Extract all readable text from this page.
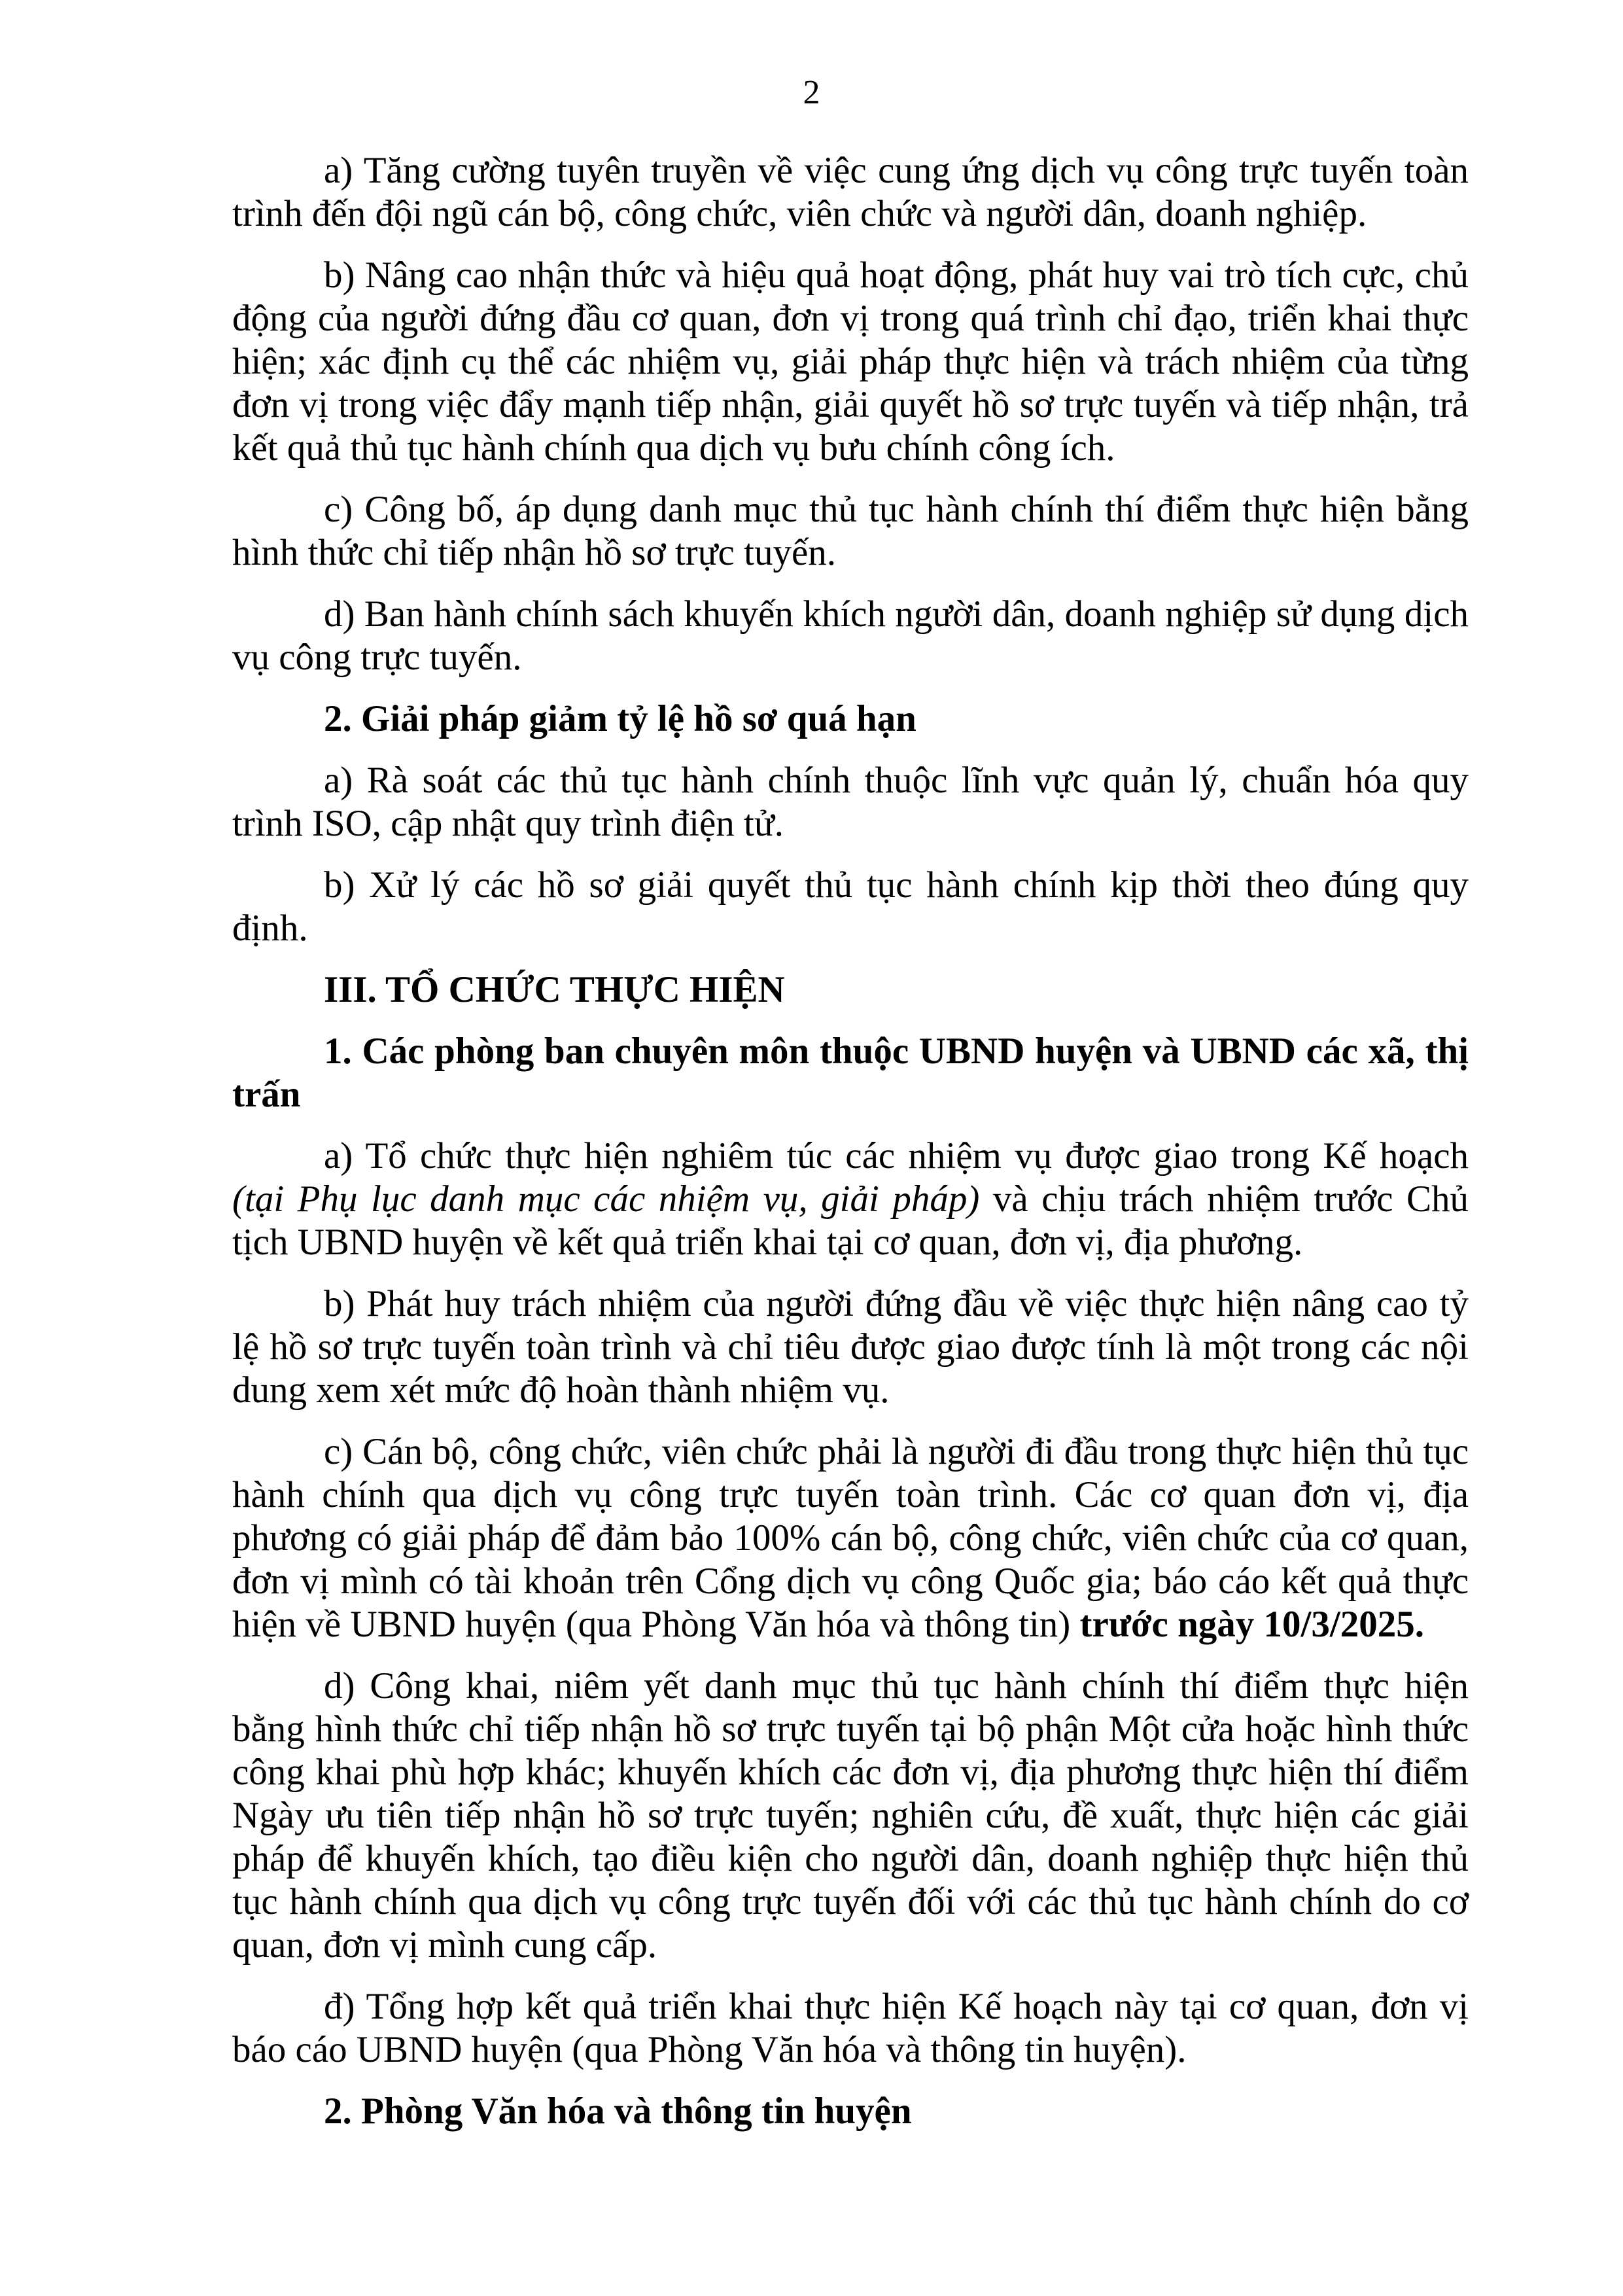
2

a) Tăng cường tuyên truyền về việc cung ứng dịch vụ công trực tuyến toàn trình đến đội ngũ cán bộ, công chức, viên chức và người dân, doanh nghiệp.

b) Nâng cao nhận thức và hiệu quả hoạt động, phát huy vai trò tích cực, chủ động của người đứng đầu cơ quan, đơn vị trong quá trình chỉ đạo, triển khai thực hiện; xác định cụ thể các nhiệm vụ, giải pháp thực hiện và trách nhiệm của từng đơn vị trong việc đẩy mạnh tiếp nhận, giải quyết hồ sơ trực tuyến và tiếp nhận, trả kết quả thủ tục hành chính qua dịch vụ bưu chính công ích.

c) Công bố, áp dụng danh mục thủ tục hành chính thí điểm thực hiện bằng hình thức chỉ tiếp nhận hồ sơ trực tuyến.

d) Ban hành chính sách khuyến khích người dân, doanh nghiệp sử dụng dịch vụ công trực tuyến.

2. Giải pháp giảm tỷ lệ hồ sơ quá hạn

a) Rà soát các thủ tục hành chính thuộc lĩnh vực quản lý, chuẩn hóa quy trình ISO, cập nhật quy trình điện tử.

b) Xử lý các hồ sơ giải quyết thủ tục hành chính kịp thời theo đúng quy định.

III. TỔ CHỨC THỰC HIỆN

1. Các phòng ban chuyên môn thuộc UBND huyện và UBND các xã, thị trấn

a) Tổ chức thực hiện nghiêm túc các nhiệm vụ được giao trong Kế hoạch (tại Phụ lục danh mục các nhiệm vụ, giải pháp) và chịu trách nhiệm trước Chủ tịch UBND huyện về kết quả triển khai tại cơ quan, đơn vị, địa phương.

b) Phát huy trách nhiệm của người đứng đầu về việc thực hiện nâng cao tỷ lệ hồ sơ trực tuyến toàn trình và chỉ tiêu được giao được tính là một trong các nội dung xem xét mức độ hoàn thành nhiệm vụ.

c) Cán bộ, công chức, viên chức phải là người đi đầu trong thực hiện thủ tục hành chính qua dịch vụ công trực tuyến toàn trình. Các cơ quan đơn vị, địa phương có giải pháp để đảm bảo 100% cán bộ, công chức, viên chức của cơ quan, đơn vị mình có tài khoản trên Cổng dịch vụ công Quốc gia; báo cáo kết quả thực hiện về UBND huyện (qua Phòng Văn hóa và thông tin) trước ngày 10/3/2025.

d) Công khai, niêm yết danh mục thủ tục hành chính thí điểm thực hiện bằng hình thức chỉ tiếp nhận hồ sơ trực tuyến tại bộ phận Một cửa hoặc hình thức công khai phù hợp khác; khuyến khích các đơn vị, địa phương thực hiện thí điểm Ngày ưu tiên tiếp nhận hồ sơ trực tuyến; nghiên cứu, đề xuất, thực hiện các giải pháp để khuyến khích, tạo điều kiện cho người dân, doanh nghiệp thực hiện thủ tục hành chính qua dịch vụ công trực tuyến đối với các thủ tục hành chính do cơ quan, đơn vị mình cung cấp.

đ) Tổng hợp kết quả triển khai thực hiện Kế hoạch này tại cơ quan, đơn vị báo cáo UBND huyện (qua Phòng Văn hóa và thông tin huyện).

2. Phòng Văn hóa và thông tin huyện
